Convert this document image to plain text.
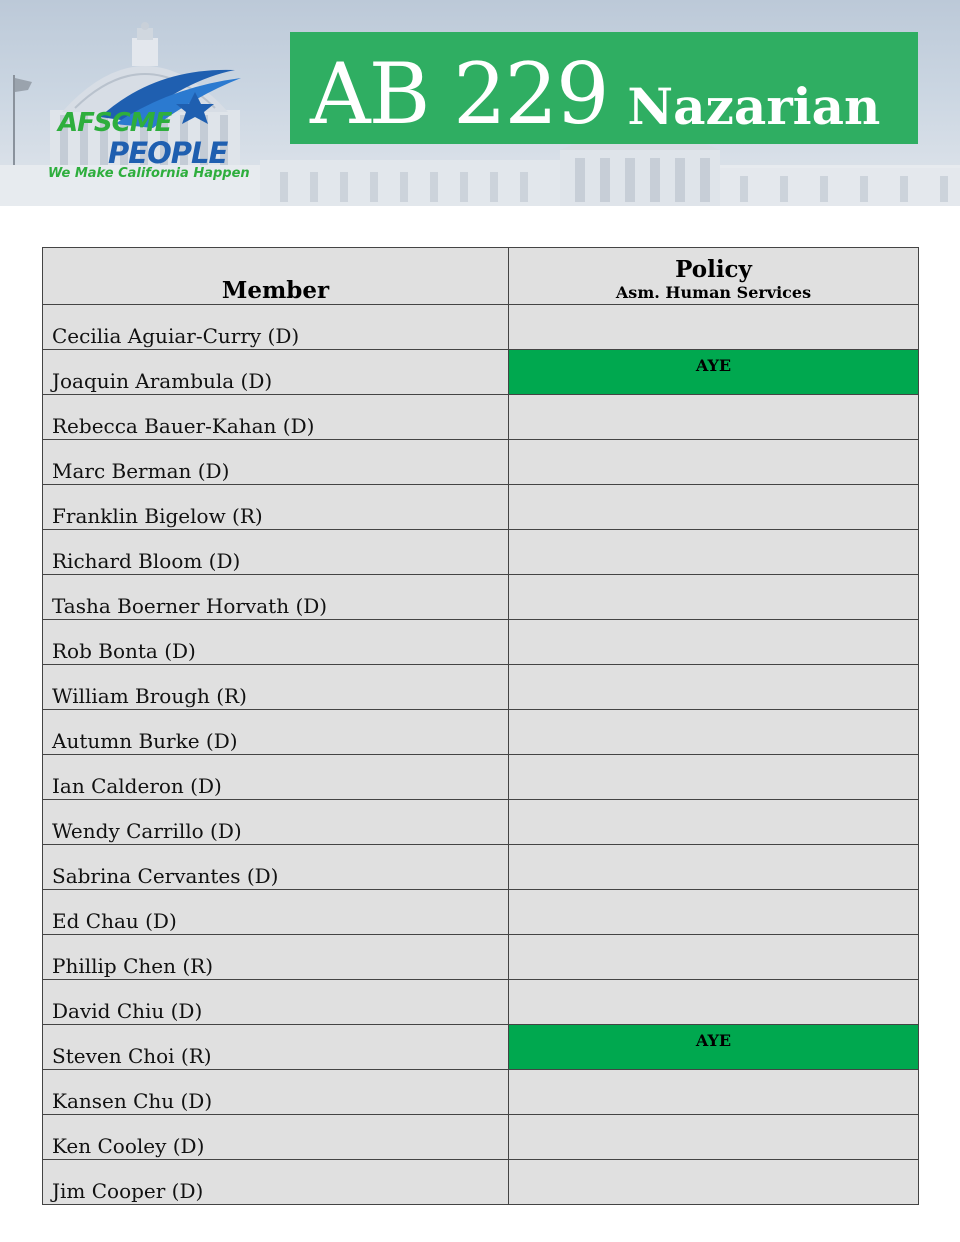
AFSCME
PEOPLE
We Make California Happen
AB 229 Nazarian
Member	Policy
Asm. Human Services

Cecilia Aguiar-Curry (D)	
Joaquin Arambula (D)	AYE
Rebecca Bauer-Kahan (D)	
Marc Berman (D)	
Franklin Bigelow (R)	
Richard Bloom (D)	
Tasha Boerner Horvath (D)	
Rob Bonta (D)	
William Brough (R)	
Autumn Burke (D)	
Ian Calderon (D)	
Wendy Carrillo (D)	
Sabrina Cervantes (D)	
Ed Chau (D)	
Phillip Chen (R)	
David Chiu (D)	
Steven Choi (R)	AYE
Kansen Chu (D)	
Ken Cooley (D)	
Jim Cooper (D)	
